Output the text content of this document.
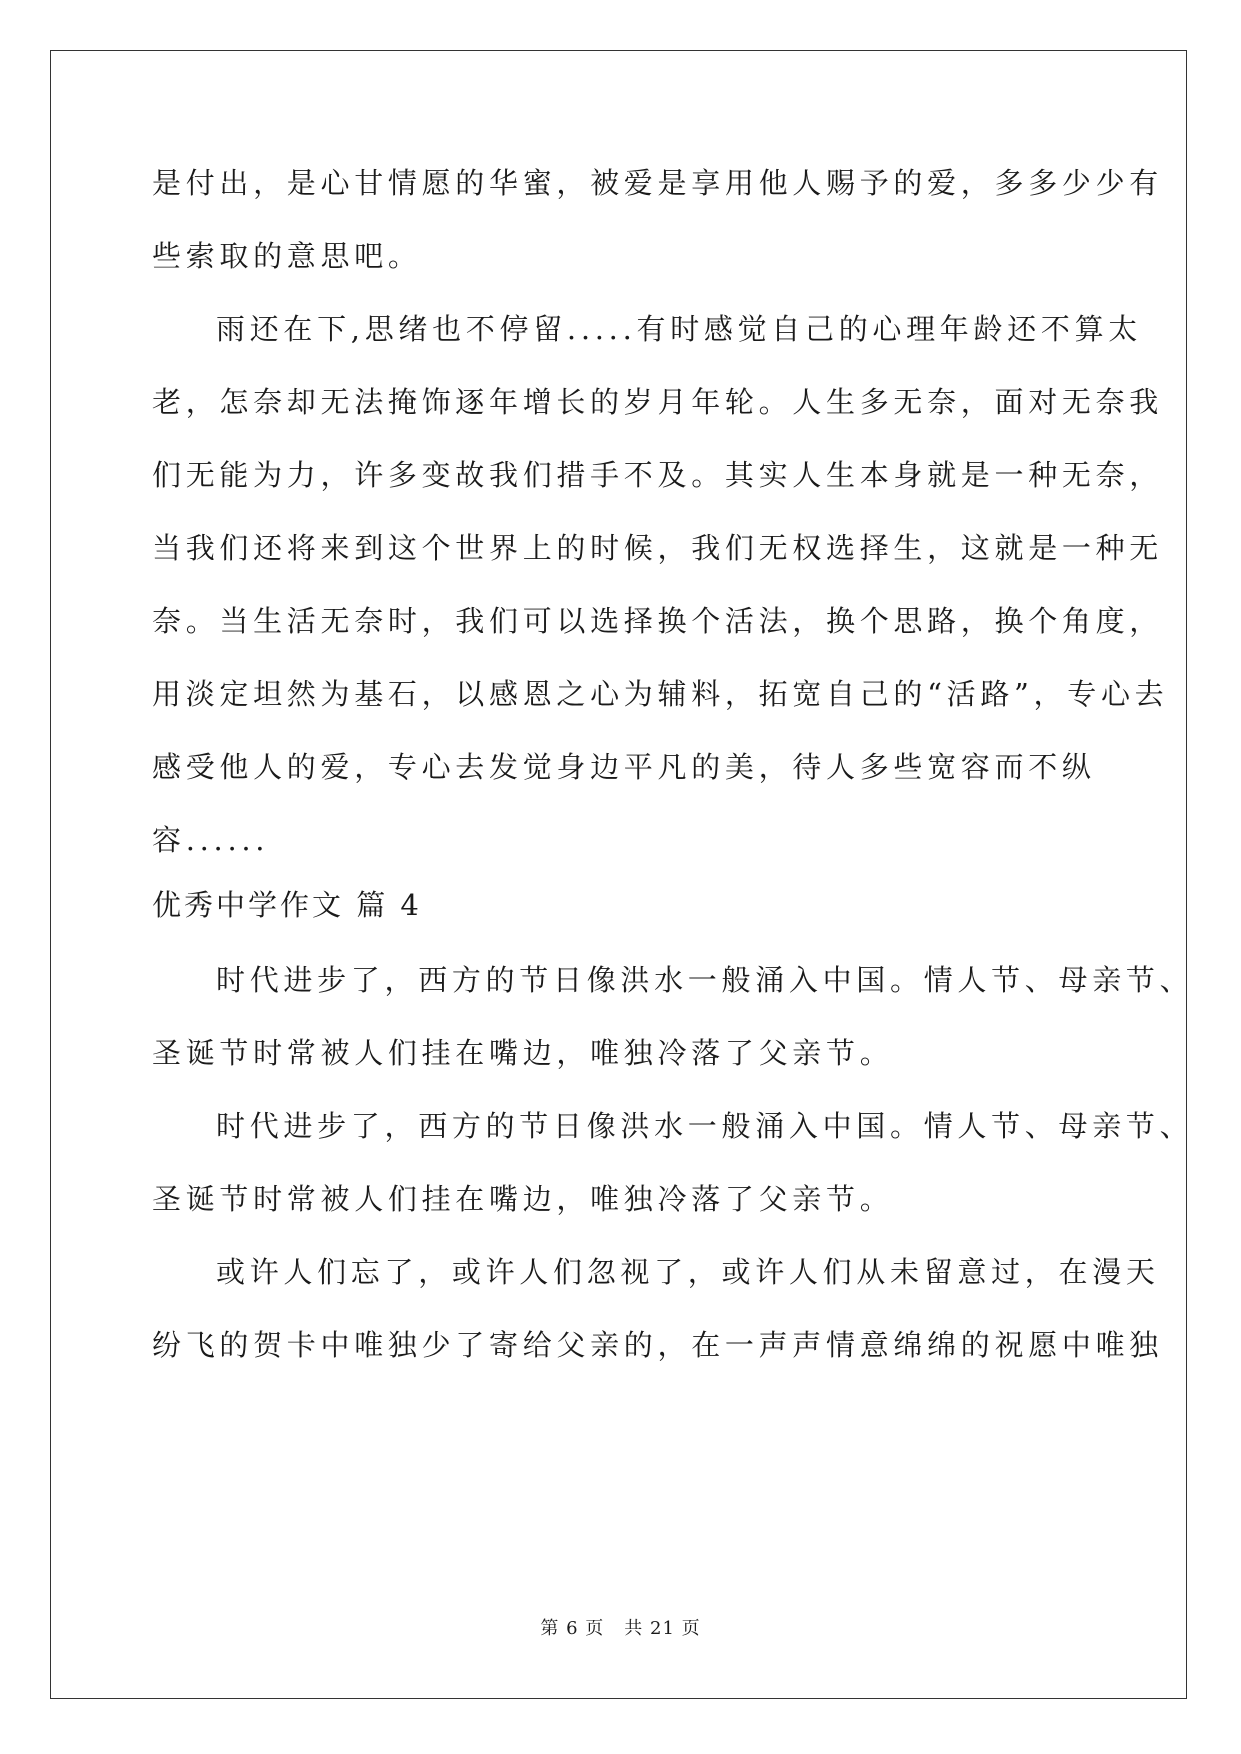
是付出，是心甘情愿的华蜜，被爱是享用他人赐予的爱，多多少少有
些索取的意思吧。
雨还在下,思绪也不停留.....有时感觉自己的心理年龄还不算太
老，怎奈却无法掩饰逐年增长的岁月年轮。人生多无奈，面对无奈我
们无能为力，许多变故我们措手不及。其实人生本身就是一种无奈，
当我们还将来到这个世界上的时候，我们无权选择生，这就是一种无
奈。当生活无奈时，我们可以选择换个活法，换个思路，换个角度，
用淡定坦然为基石，以感恩之心为辅料，拓宽自己的“活路”，专心去
感受他人的爱，专心去发觉身边平凡的美，待人多些宽容而不纵
容......
优秀中学作文 篇 4
时代进步了，西方的节日像洪水一般涌入中国。情人节、母亲节、
圣诞节时常被人们挂在嘴边，唯独冷落了父亲节。
时代进步了，西方的节日像洪水一般涌入中国。情人节、母亲节、
圣诞节时常被人们挂在嘴边，唯独冷落了父亲节。
或许人们忘了，或许人们忽视了，或许人们从未留意过，在漫天
纷飞的贺卡中唯独少了寄给父亲的，在一声声情意绵绵的祝愿中唯独
第 6 页 共 21 页
